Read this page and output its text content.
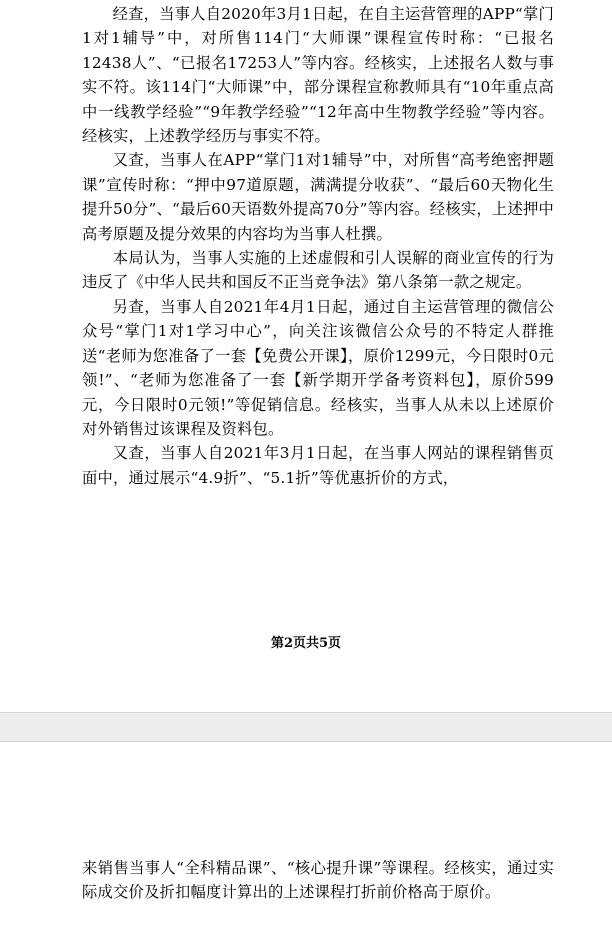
经查，当事人自2020年3月1日起，在自主运营管理的APP“掌门1对1辅导”中，对所售114门“大师课”课程宣传时称：“已报名12438人”、“已报名17253人”等内容。经核实，上述报名人数与事实不符。该114门“大师课”中，部分课程宣称教师具有“10年重点高中一线教学经验”“9年教学经验”“12年高中生物教学经验”等内容。经核实，上述教学经历与事实不符。

又查，当事人在APP“掌门1对1辅导”中，对所售“高考绝密押题课”宣传时称：“押中97道原题，满满提分收获”、“最后60天物化生提升50分”、“最后60天语数外提高70分”等内容。经核实，上述押中高考原题及提分效果的内容均为当事人杜撰。

本局认为，当事人实施的上述虚假和引人误解的商业宣传的行为违反了《中华人民共和国反不正当竞争法》第八条第一款之规定。

另查，当事人自2021年4月1日起，通过自主运营管理的微信公众号“掌门1对1学习中心”，向关注该微信公众号的不特定人群推送“老师为您准备了一套【免费公开课】，原价1299元，今日限时0元领!”、“老师为您准备了一套【新学期开学备考资料包】，原价599元，今日限时0元领!”等促销信息。经核实，当事人从未以上述原价对外销售过该课程及资料包。

又查，当事人自2021年3月1日起，在当事人网站的课程销售页面中，通过展示“4.9折”、“5.1折”等优惠折价的方式，

第2页共5页

来销售当事人“全科精品课”、“核心提升课”等课程。经核实，通过实际成交价及折扣幅度计算出的上述课程打折前价格高于原价。
